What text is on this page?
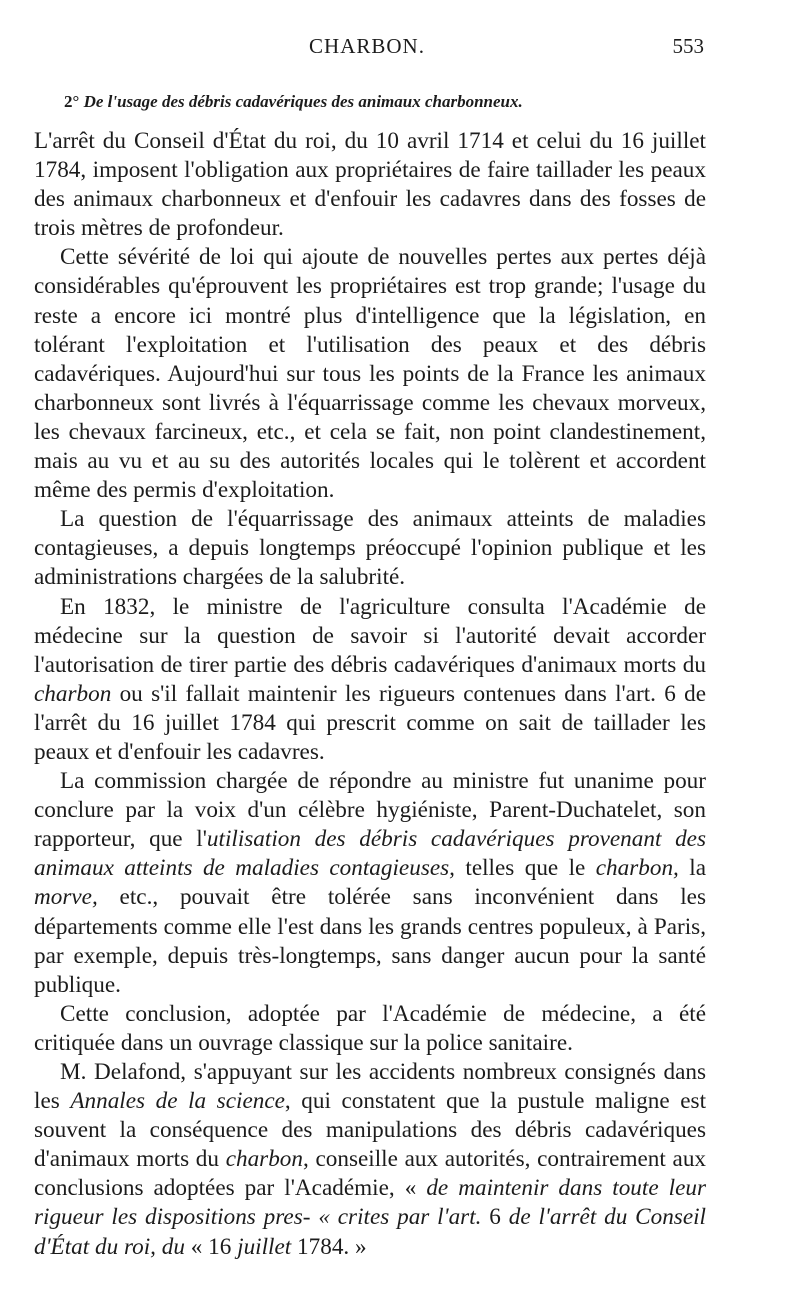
CHARBON.	553
2° De l'usage des débris cadavériques des animaux charbonneux.

L'arrêt du Conseil d'État du roi, du 10 avril 1714 et celui du 16 juillet 1784, imposent l'obligation aux propriétaires de faire taillader les peaux des animaux charbonneux et d'enfouir les cadavres dans des fosses de trois mètres de profondeur.

Cette sévérité de loi qui ajoute de nouvelles pertes aux pertes déjà considérables qu'éprouvent les propriétaires est trop grande; l'usage du reste a encore ici montré plus d'intelligence que la législation, en tolérant l'exploitation et l'utilisation des peaux et des débris cadavériques. Aujourd'hui sur tous les points de la France les animaux charbonneux sont livrés à l'équarrissage comme les chevaux morveux, les chevaux farcineux, etc., et cela se fait, non point clandestinement, mais au vu et au su des autorités locales qui le tolèrent et accordent même des permis d'exploitation.

La question de l'équarrissage des animaux atteints de maladies contagieuses, a depuis longtemps préoccupé l'opinion publique et les administrations chargées de la salubrité.

En 1832, le ministre de l'agriculture consulta l'Académie de médecine sur la question de savoir si l'autorité devait accorder l'autorisation de tirer partie des débris cadavériques d'animaux morts du charbon ou s'il fallait maintenir les rigueurs contenues dans l'art. 6 de l'arrêt du 16 juillet 1784 qui prescrit comme on sait de taillader les peaux et d'enfouir les cadavres.

La commission chargée de répondre au ministre fut unanime pour conclure par la voix d'un célèbre hygiéniste, Parent-Duchatelet, son rapporteur, que l'utilisation des débris cadavériques provenant des animaux atteints de maladies contagieuses, telles que le charbon, la morve, etc., pouvait être tolérée sans inconvénient dans les départements comme elle l'est dans les grands centres populeux, à Paris, par exemple, depuis très-longtemps, sans danger aucun pour la santé publique.

Cette conclusion, adoptée par l'Académie de médecine, a été critiquée dans un ouvrage classique sur la police sanitaire.

M. Delafond, s'appuyant sur les accidents nombreux consignés dans les Annales de la science, qui constatent que la pustule maligne est souvent la conséquence des manipulations des débris cadavériques d'animaux morts du charbon, conseille aux autorités, contrairement aux conclusions adoptées par l'Académie, « de maintenir dans toute leur rigueur les dispositions pres- « crites par l'art. 6 de l'arrêt du Conseil d'État du roi, du « 16 juillet 1784. »
